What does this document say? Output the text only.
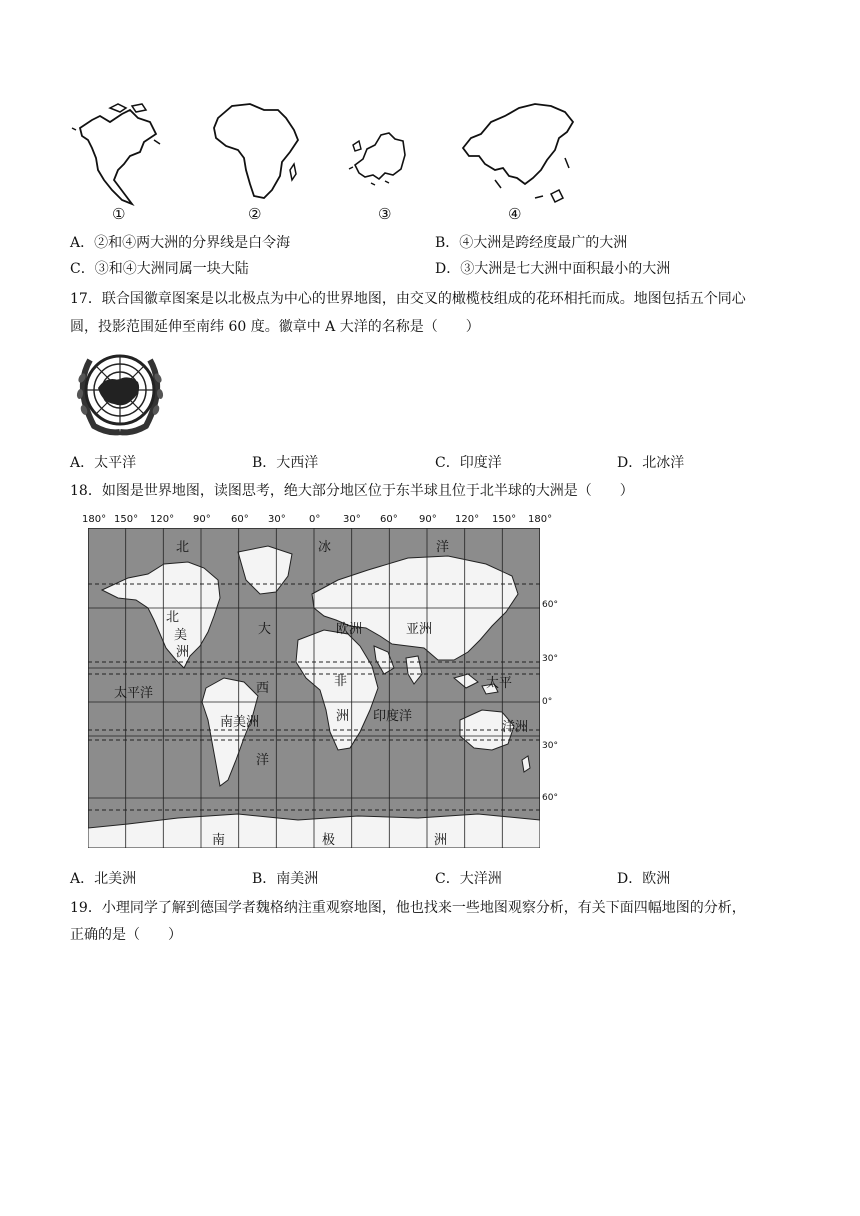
①	②	③	④
A．②和④两大洲的分界线是白令海	B．④大洲是跨经度最广的大洲
C．③和④大洲同属一块大陆	D．③大洲是七大洲中面积最小的大洲
17．联合国徽章图案是以北极点为中心的世界地图，由交叉的橄榄枝组成的花环相托而成。地图包括五个同心
圆，投影范围延伸至南纬 60 度。徽章中 A 大洋的名称是（　　）
A．太平洋	B．大西洋	C．印度洋	D．北冰洋
18．如图是世界地图，读图思考，绝大部分地区位于东半球且位于北半球的大洲是（　　）
180° 150° 120° 90° 60° 30° 0° 30° 60° 90° 120° 150° 180°
60°
30°
0°
30°
60°
北	冰	洋
北
美
洲
大
西
洋
欧洲	亚洲
非
洲
太平洋
太平
南美洲	印度洋
洋洲
南	极	洲
A．北美洲	B．南美洲	C．大洋洲	D．欧洲
19．小理同学了解到德国学者魏格纳注重观察地图，他也找来一些地图观察分析，有关下面四幅地图的分析，
正确的是（　　）
